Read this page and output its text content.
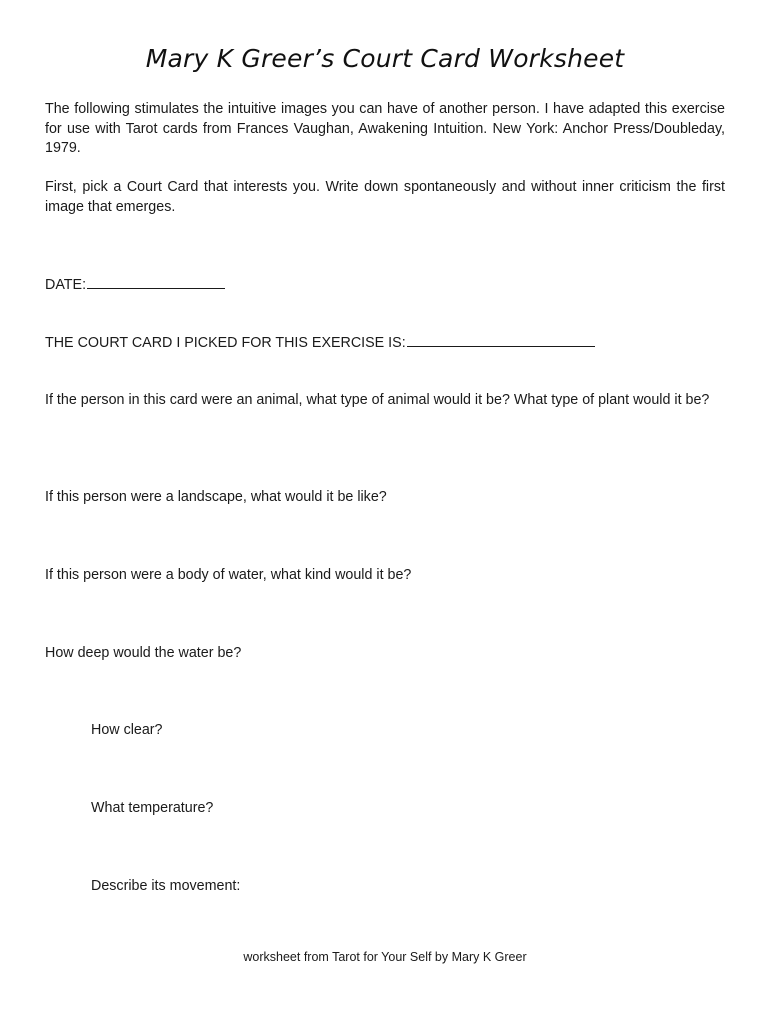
Mary K Greer’s Court Card Worksheet

The following stimulates the intuitive images you can have of another person. I have adapted this exercise for use with Tarot cards from Frances Vaughan, Awakening Intuition. New York: Anchor Press/Doubleday, 1979.

First, pick a Court Card that interests you. Write down spontaneously and without inner criticism the first image that emerges.

DATE:

THE COURT CARD I PICKED FOR THIS EXERCISE IS:

If the person in this card were an animal, what type of animal would it be? What type of plant would it be?

If this person were a landscape, what would it be like?

If this person were a body of water, what kind would it be?

How deep would the water be?

How clear?

What temperature?

Describe its movement:

worksheet from Tarot for Your Self by Mary K Greer
